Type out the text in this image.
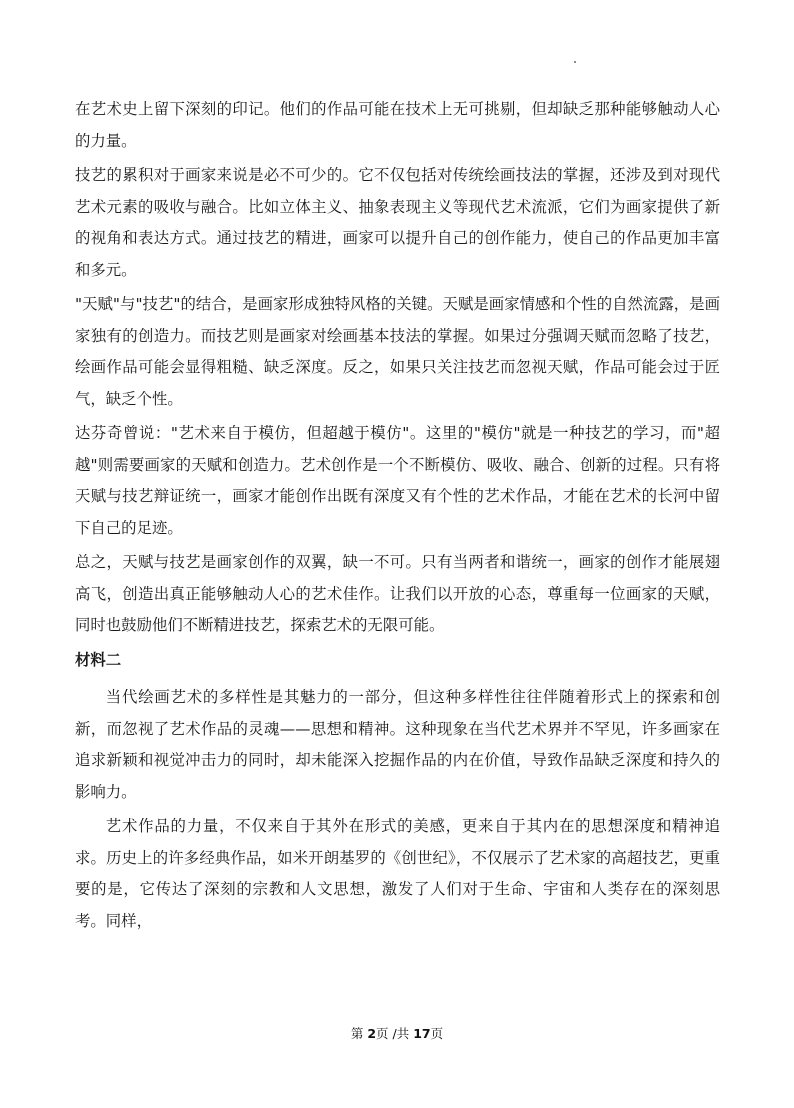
在艺术史上留下深刻的印记。他们的作品可能在技术上无可挑剔，但却缺乏那种能够触动人心的力量。

技艺的累积对于画家来说是必不可少的。它不仅包括对传统绘画技法的掌握，还涉及到对现代艺术元素的吸收与融合。比如立体主义、抽象表现主义等现代艺术流派，它们为画家提供了新的视角和表达方式。通过技艺的精进，画家可以提升自己的创作能力，使自己的作品更加丰富和多元。

"天赋"与"技艺"的结合，是画家形成独特风格的关键。天赋是画家情感和个性的自然流露，是画家独有的创造力。而技艺则是画家对绘画基本技法的掌握。如果过分强调天赋而忽略了技艺，绘画作品可能会显得粗糙、缺乏深度。反之，如果只关注技艺而忽视天赋，作品可能会过于匠气，缺乏个性。

达芬奇曾说："艺术来自于模仿，但超越于模仿"。这里的"模仿"就是一种技艺的学习，而"超越"则需要画家的天赋和创造力。艺术创作是一个不断模仿、吸收、融合、创新的过程。只有将天赋与技艺辩证统一，画家才能创作出既有深度又有个性的艺术作品，才能在艺术的长河中留下自己的足迹。

总之，天赋与技艺是画家创作的双翼，缺一不可。只有当两者和谐统一，画家的创作才能展翅高飞，创造出真正能够触动人心的艺术佳作。让我们以开放的心态，尊重每一位画家的天赋，同时也鼓励他们不断精进技艺，探索艺术的无限可能。

材料二

当代绘画艺术的多样性是其魅力的一部分，但这种多样性往往伴随着形式上的探索和创新，而忽视了艺术作品的灵魂——思想和精神。这种现象在当代艺术界并不罕见，许多画家在追求新颖和视觉冲击力的同时，却未能深入挖掘作品的内在价值，导致作品缺乏深度和持久的影响力。

艺术作品的力量，不仅来自于其外在形式的美感，更来自于其内在的思想深度和精神追求。历史上的许多经典作品，如米开朗基罗的《创世纪》，不仅展示了艺术家的高超技艺，更重要的是，它传达了深刻的宗教和人文思想，激发了人们对于生命、宇宙和人类存在的深刻思考。同样，

第 2页 /共 17页
